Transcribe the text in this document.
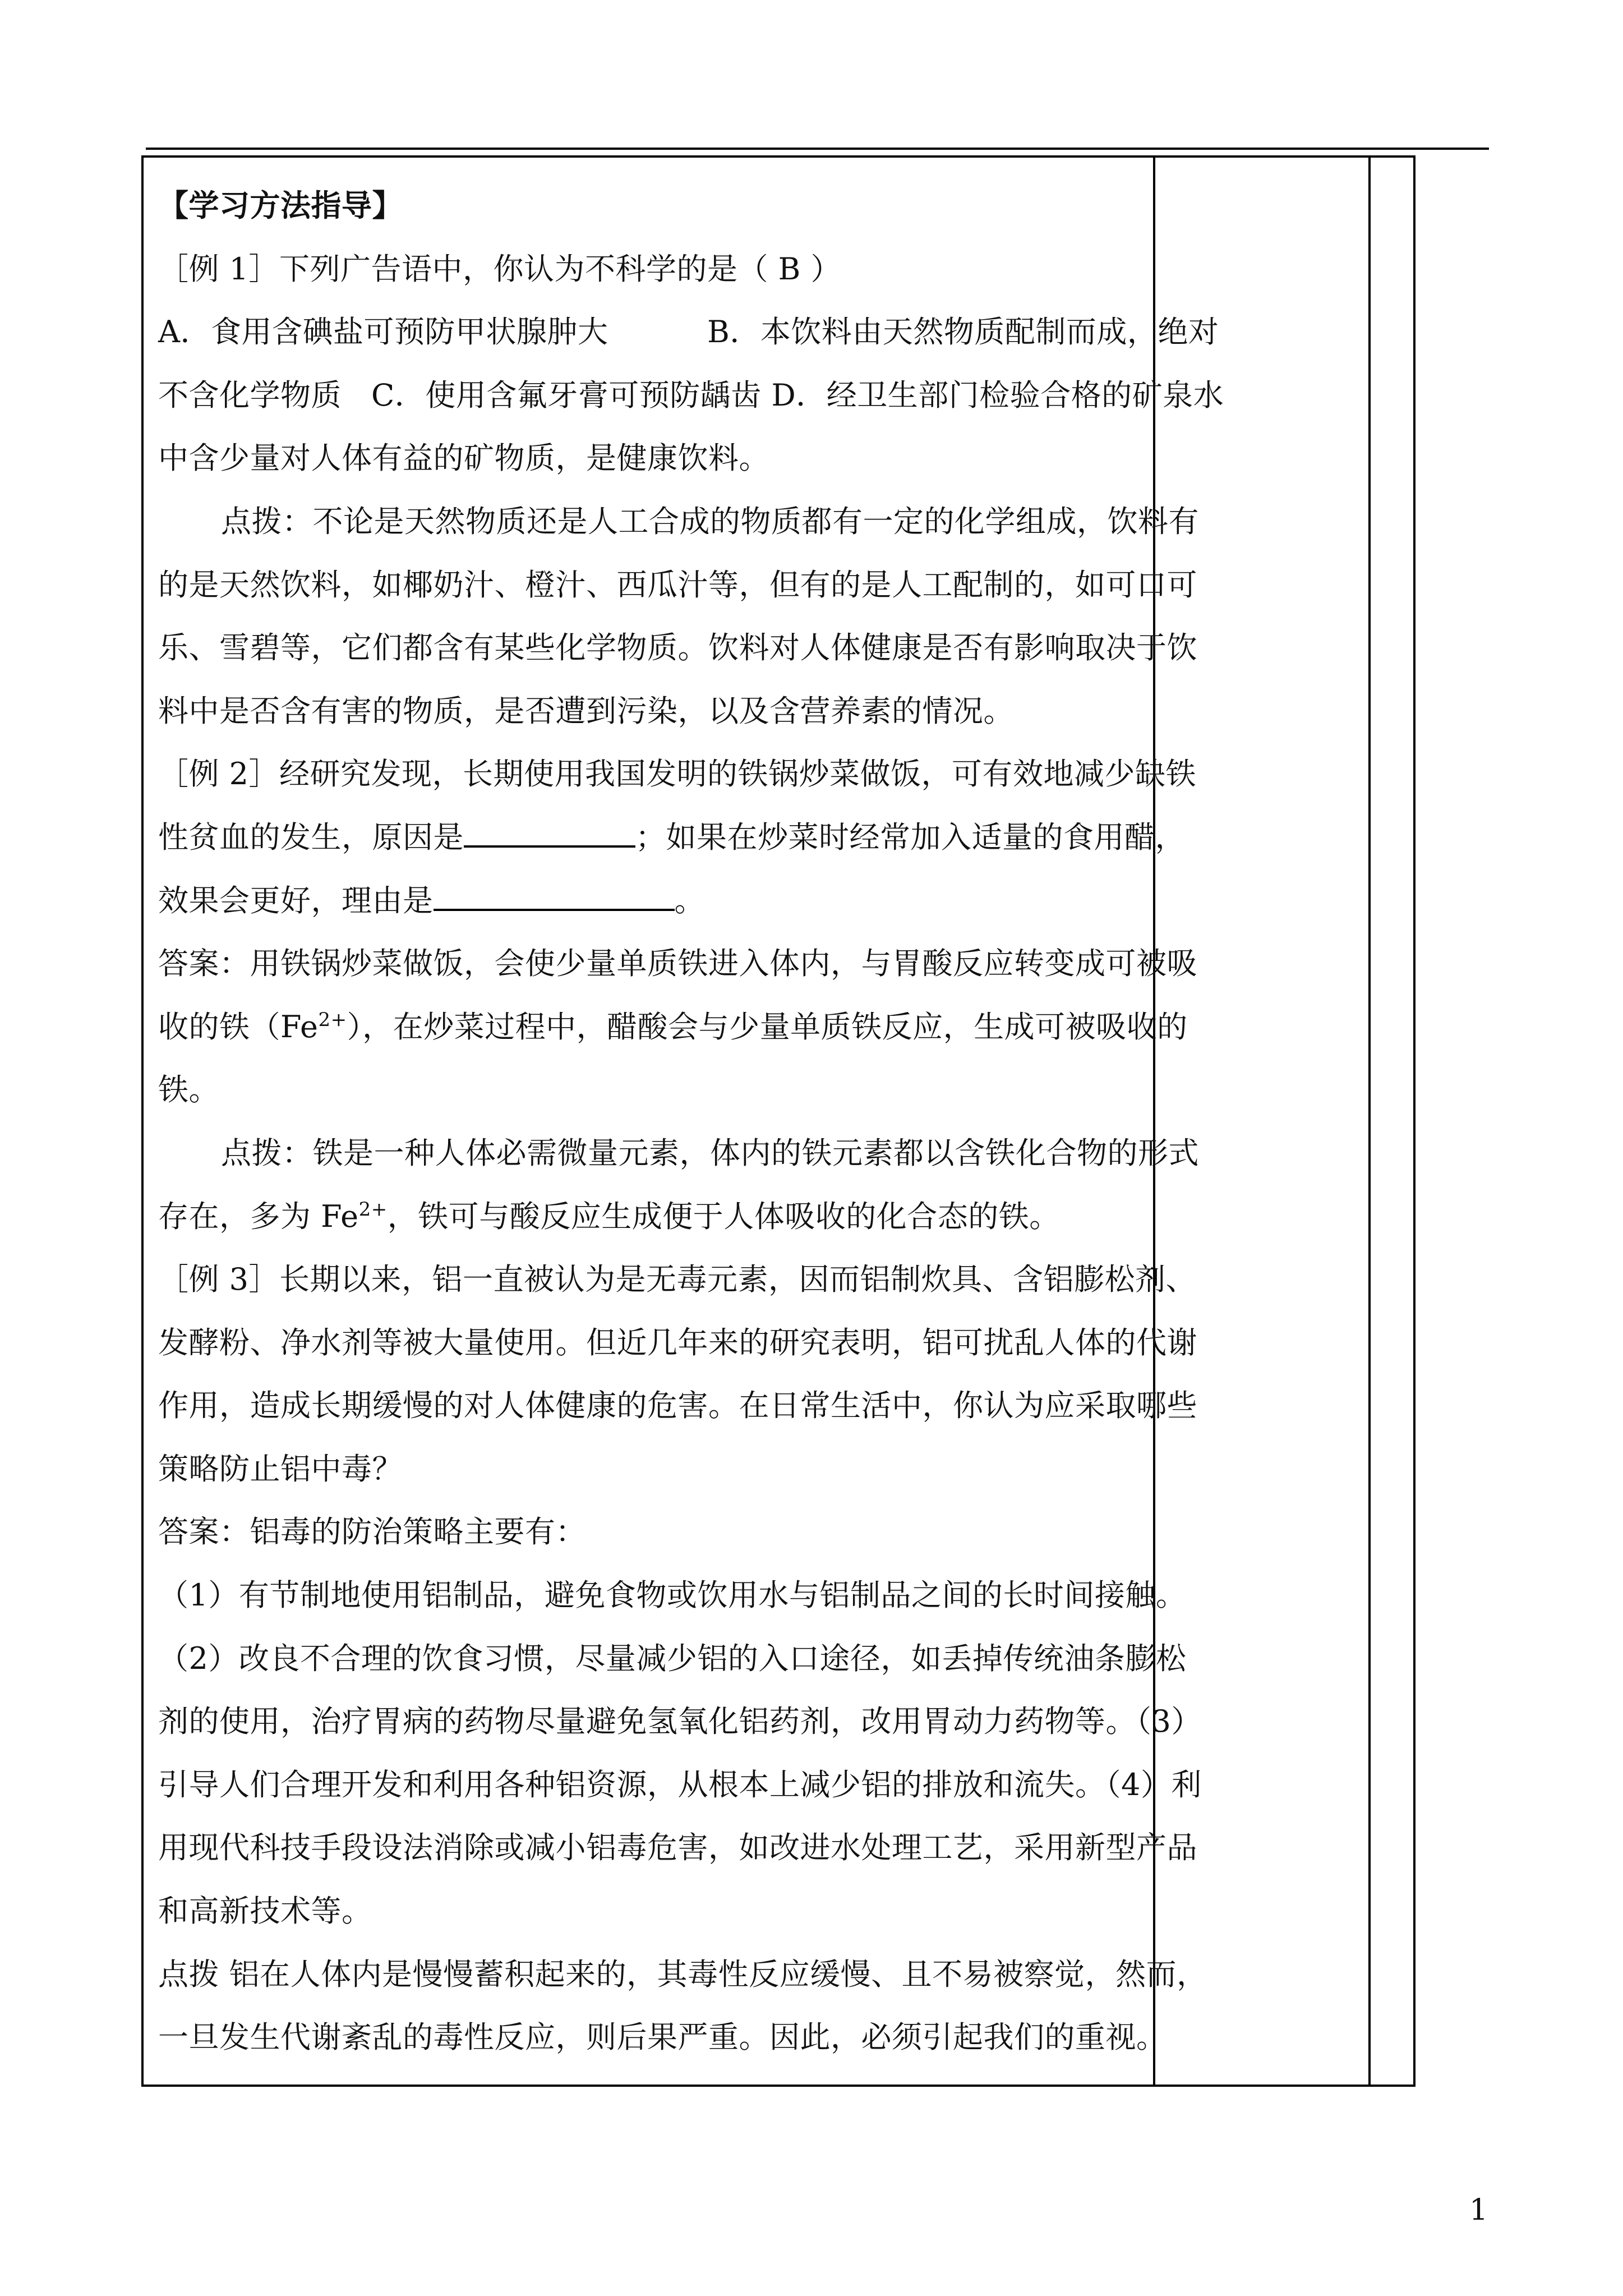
【学习方法指导】

［例 1］下列广告语中，你认为不科学的是（ B ）

A．食用含碘盐可预防甲状腺肿大          B．本饮料由天然物质配制而成，绝对

不含化学物质   C．使用含氟牙膏可预防龋齿 D．经卫生部门检验合格的矿泉水

中含少量对人体有益的矿物质，是健康饮料。

点拨：不论是天然物质还是人工合成的物质都有一定的化学组成，饮料有

的是天然饮料，如椰奶汁、橙汁、西瓜汁等，但有的是人工配制的，如可口可

乐、雪碧等，它们都含有某些化学物质。饮料对人体健康是否有影响取决于饮

料中是否含有害的物质，是否遭到污染，以及含营养素的情况。

［例 2］经研究发现，长期使用我国发明的铁锅炒菜做饭，可有效地减少缺铁

性贫血的发生，原因是	；如果在炒菜时经常加入适量的食用醋，

效果会更好，理由是	。

答案：用铁锅炒菜做饭，会使少量单质铁进入体内，与胃酸反应转变成可被吸

收的铁$(Fe^{2+})$，在炒菜过程中，醋酸会与少量单质铁反应，生成可被吸收的

铁。

点拨：铁是一种人体必需微量元素，体内的铁元素都以含铁化合物的形式

存在，多为 $Fe^{2+}$，铁可与酸反应生成便于人体吸收的化合态的铁。

［例 3］长期以来，铝一直被认为是无毒元素，因而铝制炊具、含铝膨松剂、

发酵粉、净水剂等被大量使用。但近几年来的研究表明，铝可扰乱人体的代谢

作用，造成长期缓慢的对人体健康的危害。在日常生活中，你认为应采取哪些

策略防止铝中毒？

答案：铝毒的防治策略主要有：

（1）有节制地使用铝制品，避免食物或饮用水与铝制品之间的长时间接触。

（2）改良不合理的饮食习惯，尽量减少铝的入口途径，如丢掉传统油条膨松

剂的使用，治疗胃病的药物尽量避免氢氧化铝药剂，改用胃动力药物等。（3）

引导人们合理开发和利用各种铝资源，从根本上减少铝的排放和流失。（4）利

用现代科技手段设法消除或减小铝毒危害，如改进水处理工艺，采用新型产品

和高新技术等。

点拨 铝在人体内是慢慢蓄积起来的，其毒性反应缓慢、且不易被察觉，然而，

一旦发生代谢紊乱的毒性反应，则后果严重。因此，必须引起我们的重视。

1
